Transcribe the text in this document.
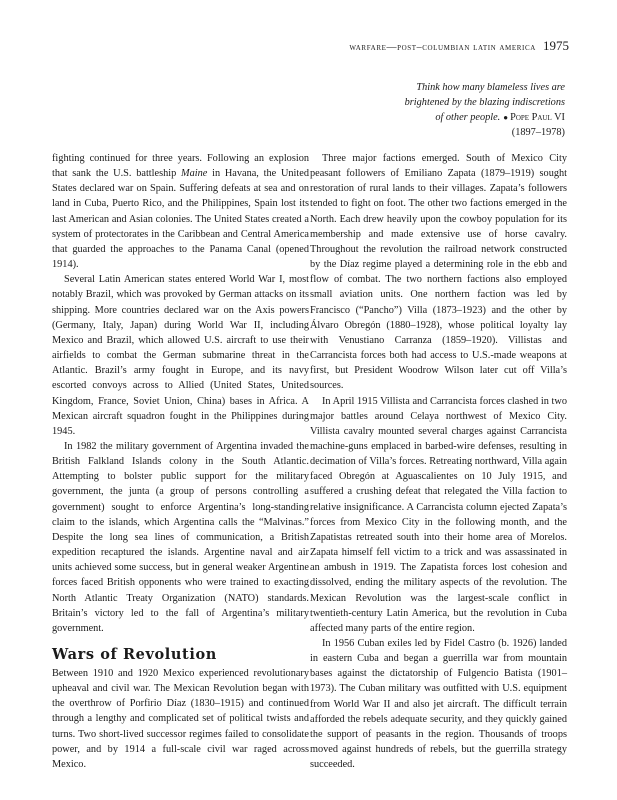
warfare—post–columbian latin america 1975
Think how many blameless lives are
brightened by the blazing indiscretions
of other people. ● Pope Paul VI
(1897–1978)

fighting continued for three years. Following an explosion that sank the U.S. battleship Maine in Havana, the United States declared war on Spain. Suffering defeats at sea and on land in Cuba, Puerto Rico, and the Philippines, Spain lost its last American and Asian colonies. The United States created a system of protectorates in the Caribbean and Central America that guarded the approaches to the Panama Canal (opened 1914).

Several Latin American states entered World War I, most notably Brazil, which was provoked by German attacks on its shipping. More countries declared war on the Axis powers (Germany, Italy, Japan) during World War II, including Mexico and Brazil, which allowed U.S. aircraft to use their airfields to combat the German submarine threat in the Atlantic. Brazil’s army fought in Europe, and its navy escorted convoys across to Allied (United States, United Kingdom, France, Soviet Union, China) bases in Africa. A Mexican aircraft squadron fought in the Philippines during 1945.

In 1982 the military government of Argentina invaded the British Falkland Islands colony in the South Atlantic. Attempting to bolster public support for the military government, the junta (a group of persons controlling a government) sought to enforce Argentina’s long-standing claim to the islands, which Argentina calls the “Malvinas.” Despite the long sea lines of communication, a British expedition recaptured the islands. Argentine naval and air units achieved some success, but in general weaker Argentine forces faced British opponents who were trained to exacting North Atlantic Treaty Organization (NATO) standards. Britain’s victory led to the fall of Argentina’s military government.

Wars of Revolution

Between 1910 and 1920 Mexico experienced revolutionary upheaval and civil war. The Mexican Revolution began with the overthrow of Porfirio Díaz (1830–1915) and continued through a lengthy and complicated set of political twists and turns. Two short-lived successor regimes failed to consolidate power, and by 1914 a full-scale civil war raged across Mexico.

Three major factions emerged. South of Mexico City peasant followers of Emiliano Zapata (1879–1919) sought restoration of rural lands to their villages. Zapata’s followers tended to fight on foot. The other two factions emerged in the North. Each drew heavily upon the cowboy population for its membership and made extensive use of horse cavalry. Throughout the revolution the railroad network constructed by the Díaz regime played a determining role in the ebb and flow of combat. The two northern factions also employed small aviation units. One northern faction was led by Francisco (“Pancho”) Villa (1873–1923) and the other by Álvaro Obregón (1880–1928), whose political loyalty lay with Venustiano Carranza (1859–1920). Villistas and Carrancista forces both had access to U.S.-made weapons at first, but President Woodrow Wilson later cut off Villa’s sources.

In April 1915 Villista and Carrancista forces clashed in two major battles around Celaya northwest of Mexico City. Villista cavalry mounted several charges against Carrancista machine-guns emplaced in barbed-wire defenses, resulting in decimation of Villa’s forces. Retreating northward, Villa again faced Obregón at Aguascalientes on 10 July 1915, and suffered a crushing defeat that relegated the Villa faction to relative insignificance. A Carrancista column ejected Zapata’s forces from Mexico City in the following month, and the Zapatistas retreated south into their home area of Morelos. Zapata himself fell victim to a trick and was assassinated in an ambush in 1919. The Zapatista forces lost cohesion and dissolved, ending the military aspects of the revolution. The Mexican Revolution was the largest-scale conflict in twentieth-century Latin America, but the revolution in Cuba affected many parts of the entire region.

In 1956 Cuban exiles led by Fidel Castro (b. 1926) landed in eastern Cuba and began a guerrilla war from mountain bases against the dictatorship of Fulgencio Batista (1901–1973). The Cuban military was outfitted with U.S. equipment from World War II and also jet aircraft. The difficult terrain afforded the rebels adequate security, and they quickly gained the support of peasants in the region. Thousands of troops moved against hundreds of rebels, but the guerrilla strategy succeeded.
